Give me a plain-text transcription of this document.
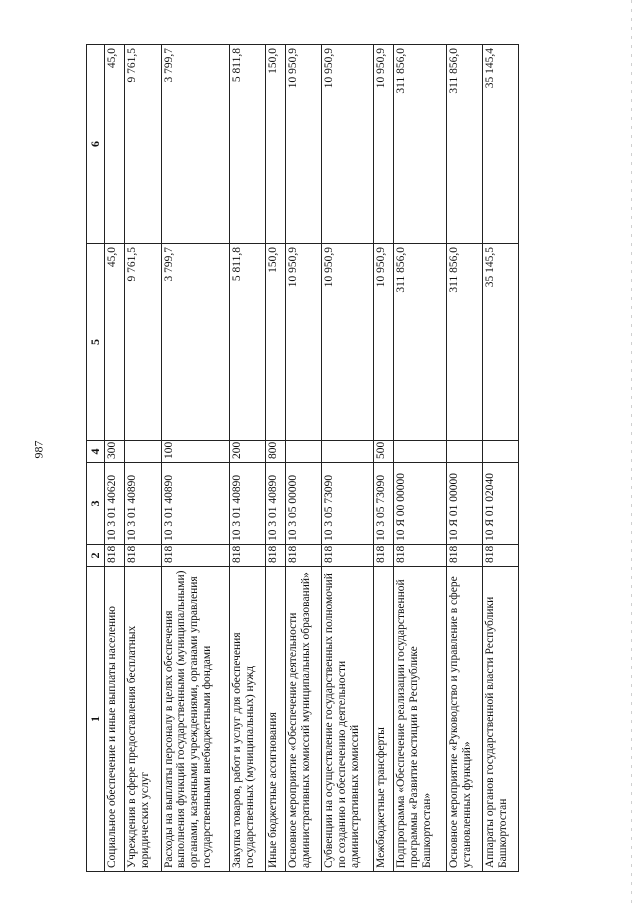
987
1	2	3	4	5	6
Социальное обеспечение и иные выплаты населению	818	10 3 01 40620	300	45,0	45,0
Учреждения в сфере предоставления бесплатных юридических услуг	818	10 3 01 40890		9 761,5	9 761,5
Расходы на выплаты персоналу в целях обеспечения выполнения функций государственными (муниципальными) органами, казенными учреждениями, органами управления государственными внебюджетными фондами	818	10 3 01 40890	100	3 799,7	3 799,7
Закупка товаров, работ и услуг для обеспечения государственных (муниципальных) нужд	818	10 3 01 40890	200	5 811,8	5 811,8
Иные бюджетные ассигнования	818	10 3 01 40890	800	150,0	150,0
Основное мероприятие «Обеспечение деятельности административных комиссий муниципальных образований»	818	10 3 05 00000		10 950,9	10 950,9
Субвенции на осуществление государственных полномочий по созданию и обеспечению деятельности административных комиссий	818	10 3 05 73090		10 950,9	10 950,9
Межбюджетные трансферты	818	10 3 05 73090	500	10 950,9	10 950,9
Подпрограмма «Обеспечение реализации государственной программы «Развитие юстиции в Республике Башкортостан»	818	10 Я 00 00000		311 856,0	311 856,0
Основное мероприятие «Руководство и управление в сфере установленных функций»	818	10 Я 01 00000		311 856,0	311 856,0
Аппараты органов государственной власти Республики Башкортостан	818	10 Я 01 02040		35 145,5	35 145,4
